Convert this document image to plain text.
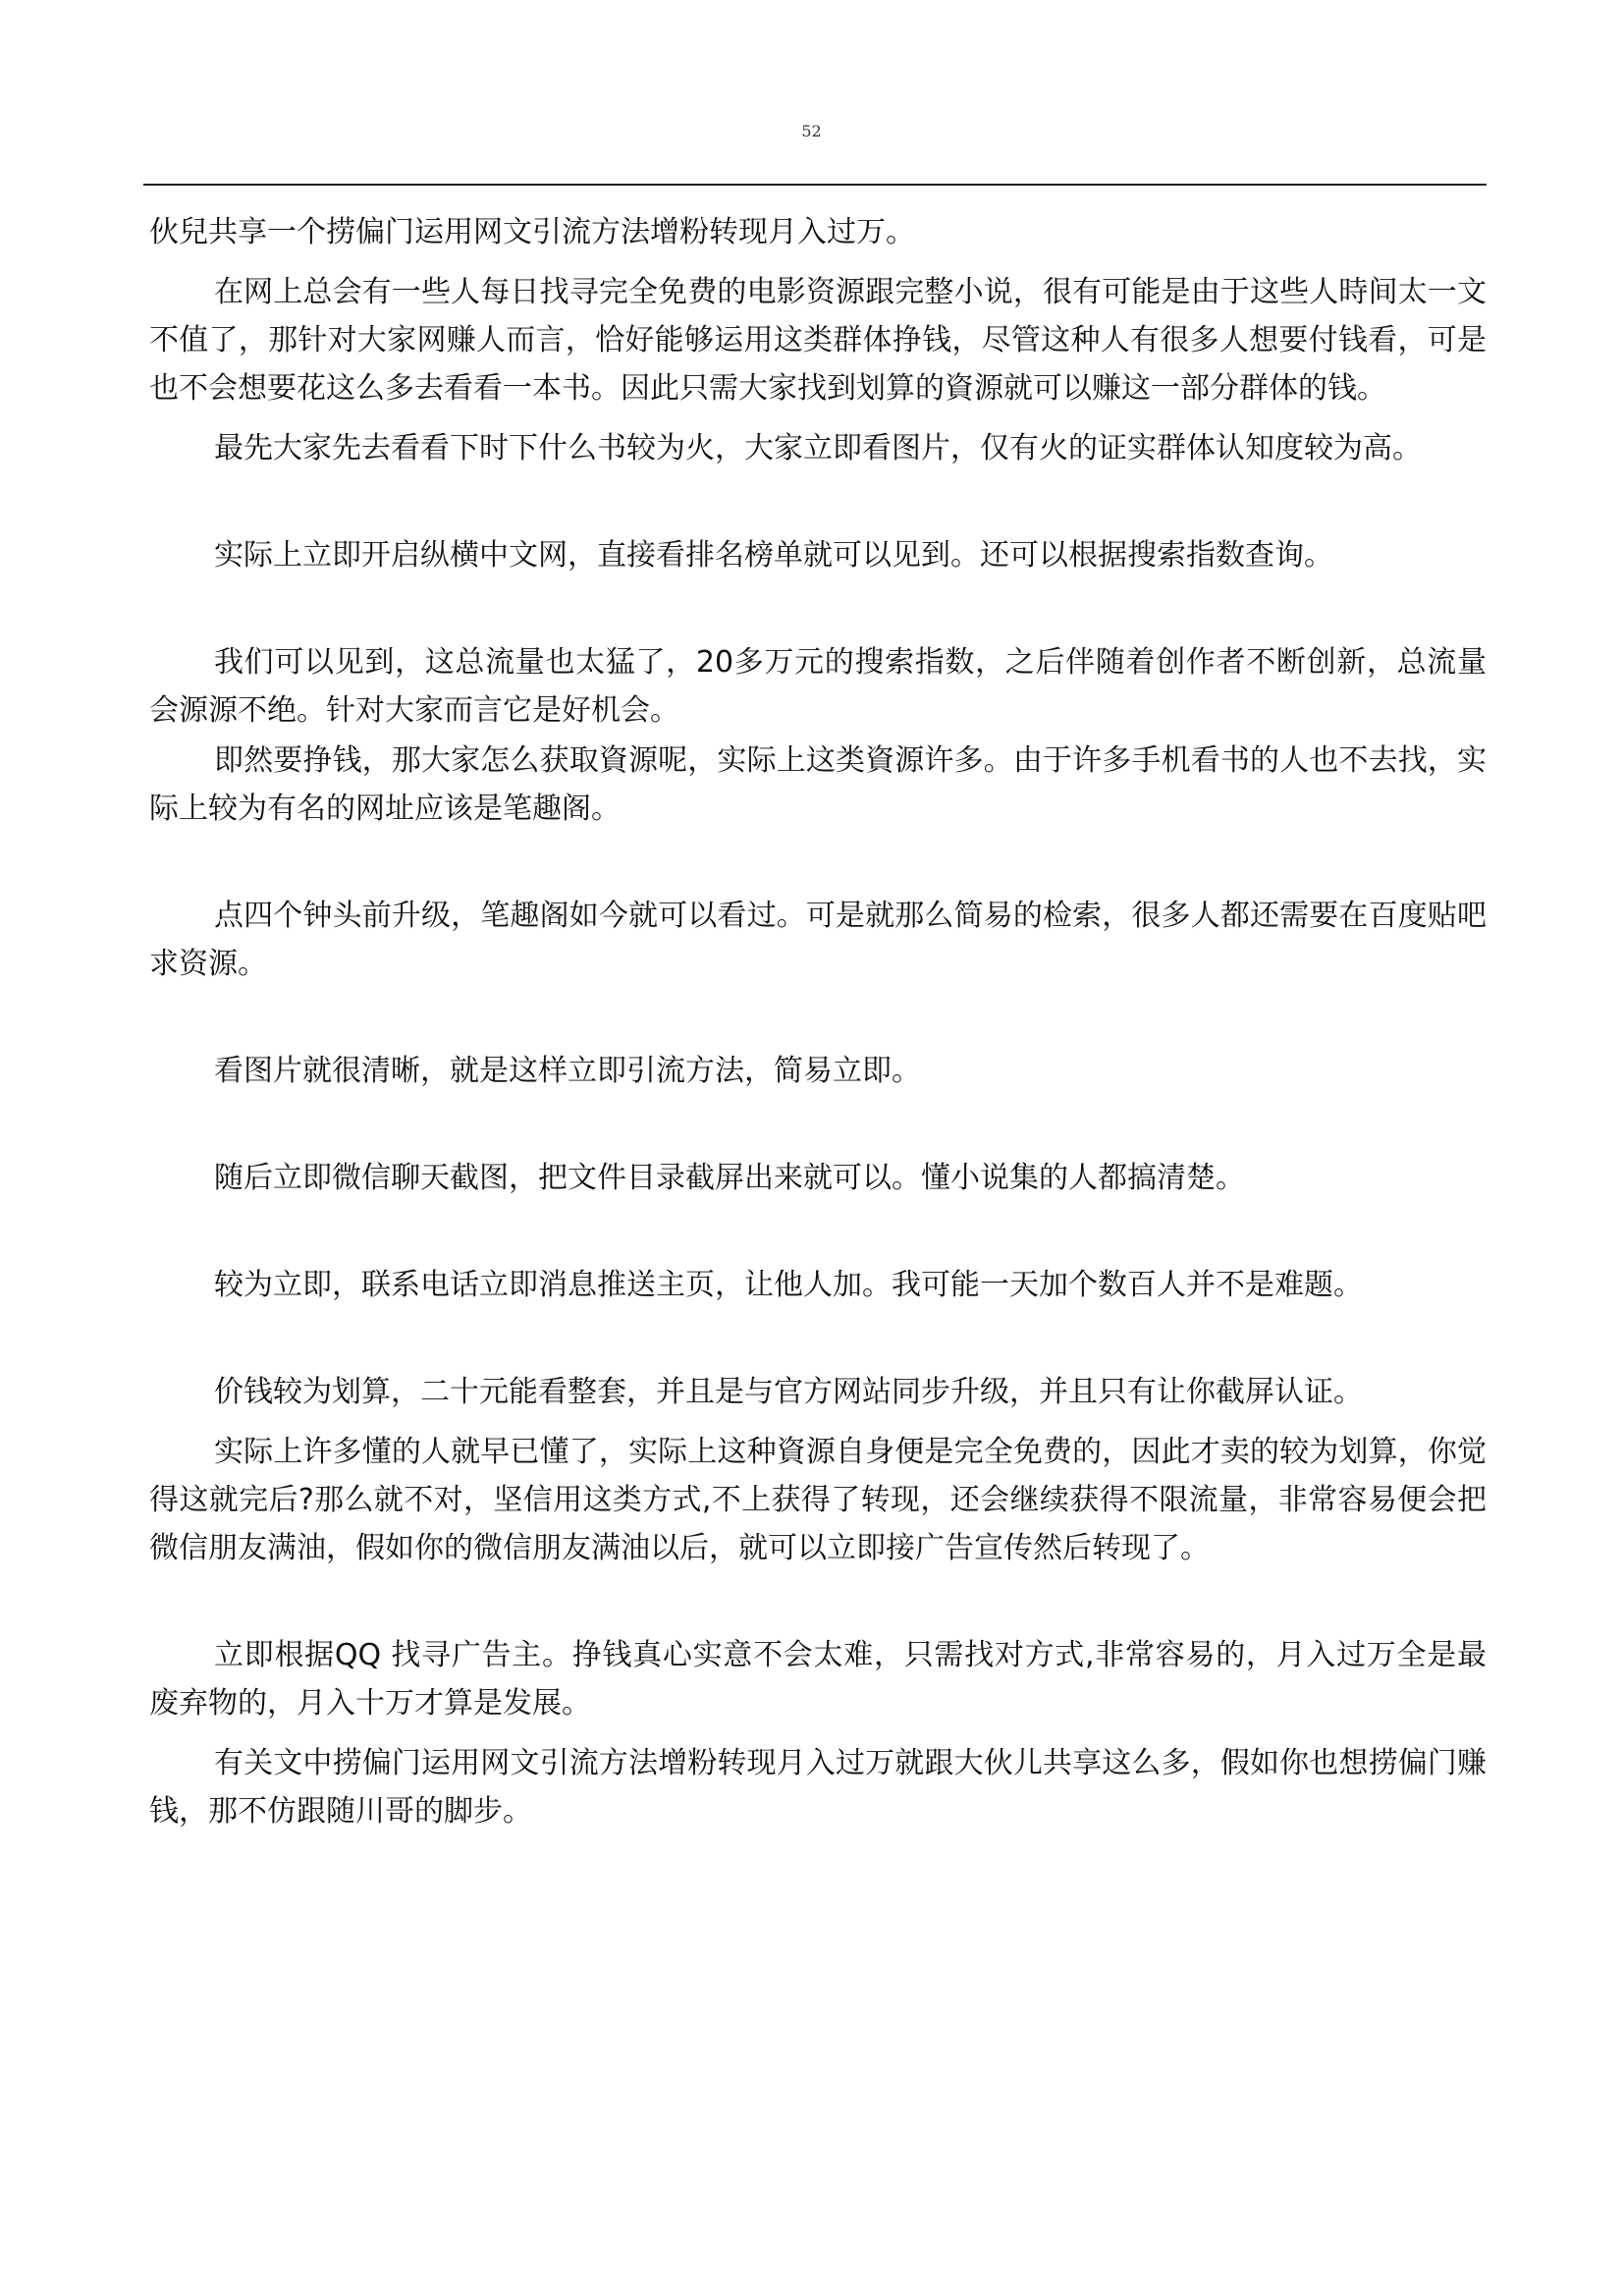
52

伙兒共享一个捞偏门运用网文引流方法增粉转现月入过万。

在网上总会有一些人每日找寻完全免费的电影资源跟完整小说，很有可能是由于这些人時间太一文不值了，那针对大家网赚人而言，恰好能够运用这类群体挣钱，尽管这种人有很多人想要付钱看，可是也不会想要花这么多去看看一本书。因此只需大家找到划算的資源就可以赚这一部分群体的钱。

最先大家先去看看下时下什么书较为火，大家立即看图片，仅有火的证实群体认知度较为高。

实际上立即开启纵横中文网，直接看排名榜单就可以见到。还可以根据搜索指数查询。

我们可以见到，这总流量也太猛了，20多万元的搜索指数，之后伴随着创作者不断创新，总流量会源源不绝。针对大家而言它是好机会。

即然要挣钱，那大家怎么获取資源呢，实际上这类資源许多。由于许多手机看书的人也不去找，实际上较为有名的网址应该是笔趣阁。

点四个钟头前升级，笔趣阁如今就可以看过。可是就那么简易的检索，很多人都还需要在百度贴吧求资源。

看图片就很清晰，就是这样立即引流方法，简易立即。

随后立即微信聊天截图，把文件目录截屏出来就可以。懂小说集的人都搞清楚。

较为立即，联系电话立即消息推送主页，让他人加。我可能一天加个数百人并不是难题。

价钱较为划算，二十元能看整套，并且是与官方网站同步升级，并且只有让你截屏认证。

实际上许多懂的人就早已懂了，实际上这种資源自身便是完全免费的，因此才卖的较为划算，你觉得这就完后?那么就不对，坚信用这类方式,不上获得了转现，还会继续获得不限流量，非常容易便会把微信朋友满油，假如你的微信朋友满油以后，就可以立即接广告宣传然后转现了。

立即根据QQ 找寻广告主。挣钱真心实意不会太难，只需找对方式,非常容易的，月入过万全是最废弃物的，月入十万才算是发展。

有关文中捞偏门运用网文引流方法增粉转现月入过万就跟大伙儿共享这么多，假如你也想捞偏门赚钱，那不仿跟随川哥的脚步。
